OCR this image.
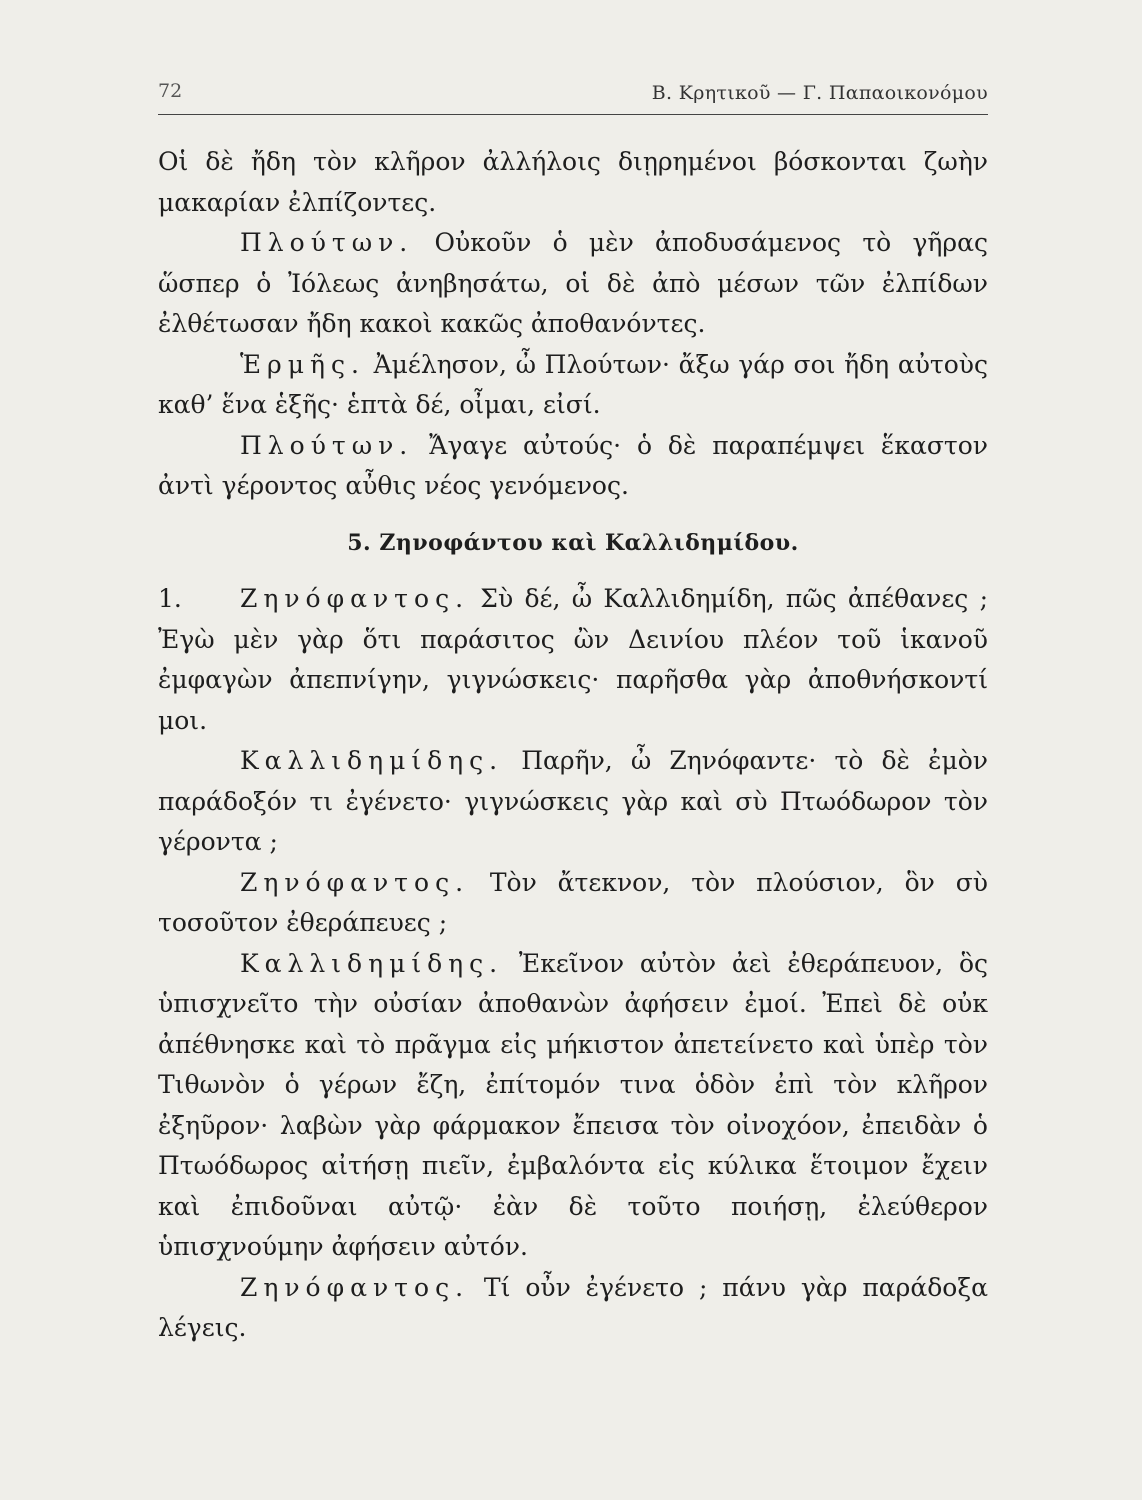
72	Β. Κρητικοῦ — Γ. Παπαοικονόμου

Οἱ δὲ ἤδη τὸν κλῆρον ἀλλήλοις διῃρημένοι βόσκονται ζωὴν μακαρίαν ἐλπίζοντες.

Πλούτων. Οὐκοῦν ὁ μὲν ἀποδυσάμενος τὸ γῆρας ὥσπερ ὁ Ἰόλεως ἀνηβησάτω, οἱ δὲ ἀπὸ μέσων τῶν ἐλπίδων ἐλθέτωσαν ἤδη κακοὶ κακῶς ἀποθανόντες.

Ἑρμῆς. Ἀμέλησον, ὦ Πλούτων· ἄξω γάρ σοι ἤδη αὐτοὺς καθ’ ἕνα ἑξῆς· ἑπτὰ δέ, οἶμαι, εἰσί.

Πλούτων. Ἄγαγε αὐτούς· ὁ δὲ παραπέμψει ἕκαστον ἀντὶ γέροντος αὖθις νέος γενόμενος.

5. Ζηνοφάντου καὶ Καλλιδημίδου.

1. Ζηνόφαντος. Σὺ δέ, ὦ Καλλιδημίδη, πῶς ἀπέθανες ; Ἐγὼ μὲν γὰρ ὅτι παράσιτος ὢν Δεινίου πλέον τοῦ ἱκανοῦ ἐμφαγὼν ἀπεπνίγην, γιγνώσκεις· παρῆσθα γὰρ ἀποθνήσκοντί μοι.

Καλλιδημίδης. Παρῆν, ὦ Ζηνόφαντε· τὸ δὲ ἐμὸν παράδοξόν τι ἐγένετο· γιγνώσκεις γὰρ καὶ σὺ Πτωόδωρον τὸν γέροντα ;

Ζηνόφαντος. Τὸν ἄτεκνον, τὸν πλούσιον, ὃν σὺ τοσοῦτον ἐθεράπευες ;

Καλλιδημίδης. Ἐκεῖνον αὐτὸν ἀεὶ ἐθεράπευον, ὃς ὑπισχνεῖτο τὴν οὐσίαν ἀποθανὼν ἀφήσειν ἐμοί. Ἐπεὶ δὲ οὐκ ἀπέθνησκε καὶ τὸ πρᾶγμα εἰς μήκιστον ἀπετείνετο καὶ ὑπὲρ τὸν Τιθωνὸν ὁ γέρων ἔζη, ἐπίτομόν τινα ὁδὸν ἐπὶ τὸν κλῆρον ἐξηῦρον· λαβὼν γὰρ φάρμακον ἔπεισα τὸν οἰνοχόον, ἐπειδὰν ὁ Πτωόδωρος αἰτήσῃ πιεῖν, ἐμβαλόντα εἰς κύλικα ἕτοιμον ἔχειν καὶ ἐπιδοῦναι αὐτῷ· ἐὰν δὲ τοῦτο ποιήσῃ, ἐλεύθερον ὑπισχνούμην ἀφήσειν αὐτόν.

Ζηνόφαντος. Τί οὖν ἐγένετο ; πάνυ γὰρ παράδοξα λέγεις.
